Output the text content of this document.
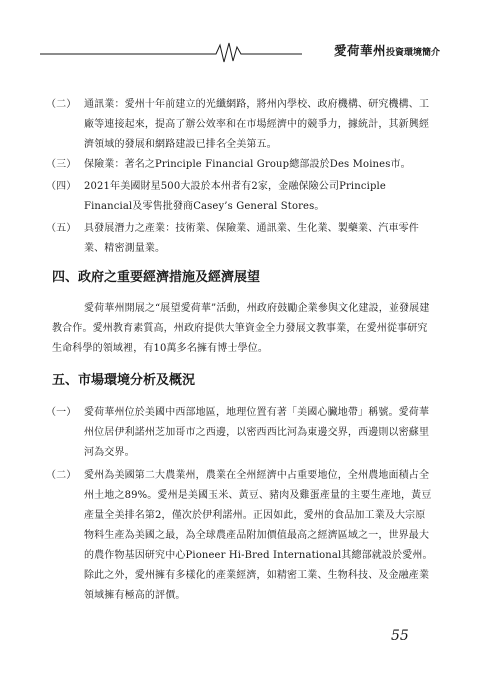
愛荷華州投資環境簡介
（二） 通訊業：愛州十年前建立的光纖網路，將州內學校、政府機構、研究機構、工廠等連接起來，提高了辦公效率和在市場經濟中的競爭力，據統計，其新興經濟領域的發展和網路建設已排名全美第五。
（三） 保險業：著名之Principle Financial Group總部設於Des Moines市。
（四） 2021年美國財星500大設於本州者有2家，金融保險公司Principle Financial及零售批發商Casey’s General Stores。
（五） 具發展潛力之產業：技術業、保險業、通訊業、生化業、製藥業、汽車零件業、精密測量業。
四、政府之重要經濟措施及經濟展望
愛荷華州開展之“展望愛荷華”活動，州政府鼓勵企業參與文化建設，並發展建教合作。愛州教育素質高，州政府提供大筆資金全力發展文教事業，在愛州從事研究生命科學的領域裡，有10萬多名擁有博士學位。
五、市場環境分析及概況
（一） 愛荷華州位於美國中西部地區，地理位置有著「美國心臟地帶」稱號。愛荷華州位居伊利諾州芝加哥市之西邊，以密西西比河為東邊交界，西邊則以密蘇里河為交界。
（二） 愛州為美國第二大農業州，農業在全州經濟中占重要地位，全州農地面積占全州土地之89%。愛州是美國玉米、黃豆、豬肉及雞蛋產量的主要生產地，黃豆產量全美排名第2，僅次於伊利諾州。正因如此，愛州的食品加工業及大宗原物料生產為美國之最，為全球農產品附加價值最高之經濟區域之一，世界最大的農作物基因研究中心Pioneer Hi-Bred International其總部就設於愛州。除此之外，愛州擁有多樣化的產業經濟，如精密工業、生物科技、及金融產業領域擁有極高的評價。
55
